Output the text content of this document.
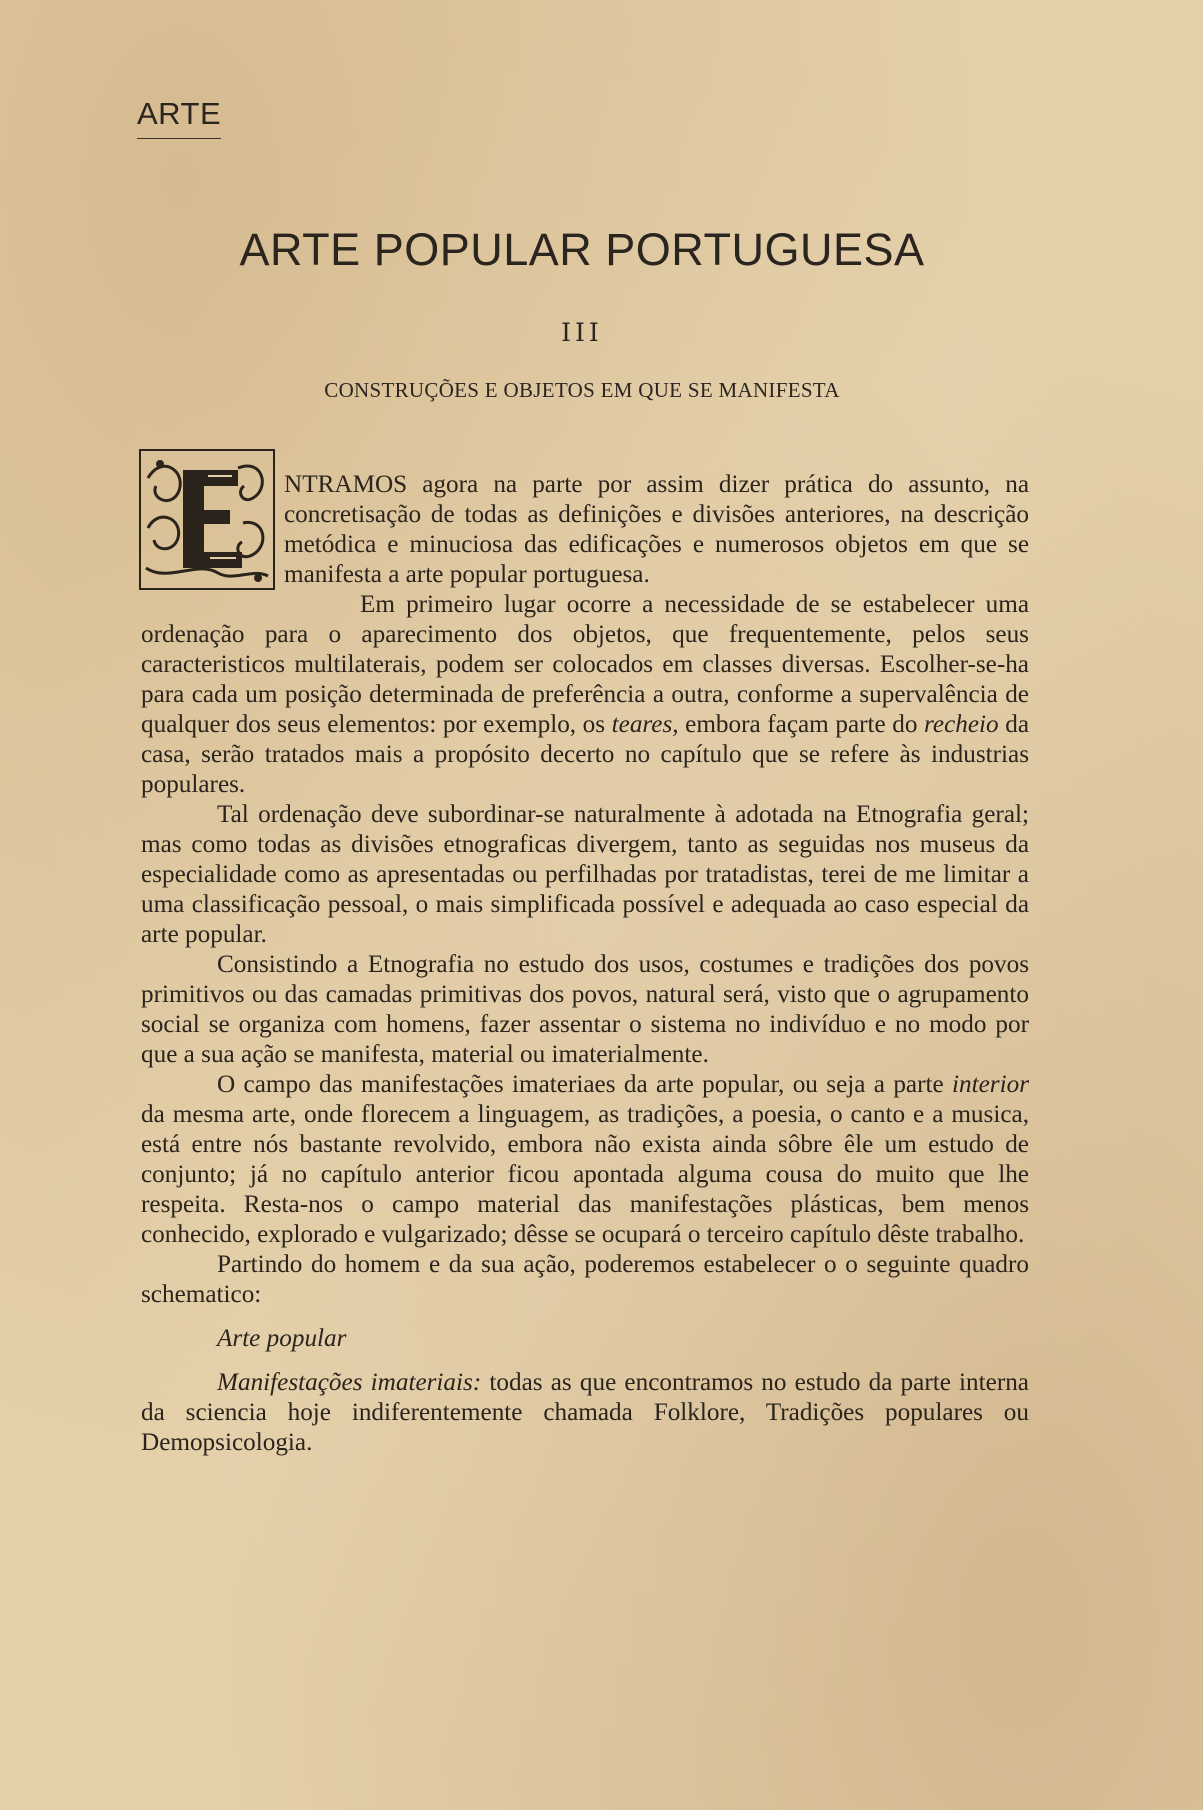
ARTE
ARTE POPULAR PORTUGUESA
III
CONSTRUÇÕES E OBJETOS EM QUE SE MANIFESTA

NTRAMOS agora na parte por assim dizer prática do assunto, na concretisação de todas as definições e divisões anteriores, na descrição metódica e minuciosa das edificações e numerosos objetos em que se manifesta a arte popular portuguesa.

Em primeiro lugar ocorre a necessidade de se estabelecer uma ordenação para o aparecimento dos objetos, que frequentemente, pelos seus caracteristicos multilaterais, podem ser colocados em classes diversas. Escolher-se-ha para cada um posição determinada de preferência a outra, conforme a supervalência de qualquer dos seus elementos: por exemplo, os teares, embora façam parte do recheio da casa, serão tratados mais a propósito decerto no capítulo que se refere às industrias populares.

Tal ordenação deve subordinar-se naturalmente à adotada na Etnografia geral; mas como todas as divisões etnograficas divergem, tanto as seguidas nos museus da especialidade como as apresentadas ou perfilhadas por tratadistas, terei de me limitar a uma classificação pessoal, o mais simplificada possível e adequada ao caso especial da arte popular.

Consistindo a Etnografia no estudo dos usos, costumes e tradições dos povos primitivos ou das camadas primitivas dos povos, natural será, visto que o agrupamento social se organiza com homens, fazer assentar o sistema no indivíduo e no modo por que a sua ação se manifesta, material ou imaterialmente.

O campo das manifestações imateriaes da arte popular, ou seja a parte interior da mesma arte, onde florecem a linguagem, as tradições, a poesia, o canto e a musica, está entre nós bastante revolvido, embora não exista ainda sôbre êle um estudo de conjunto; já no capítulo anterior ficou apontada alguma cousa do muito que lhe respeita. Resta-nos o campo material das manifestações plásticas, bem menos conhecido, explorado e vulgarizado; dêsse se ocupará o terceiro capítulo dêste trabalho.

Partindo do homem e da sua ação, poderemos estabelecer o o seguinte quadro schematico:

Arte popular

Manifestações imateriais: todas as que encontramos no estudo da parte interna da sciencia hoje indiferentemente chamada Folklore, Tradições populares ou Demopsicologia.
